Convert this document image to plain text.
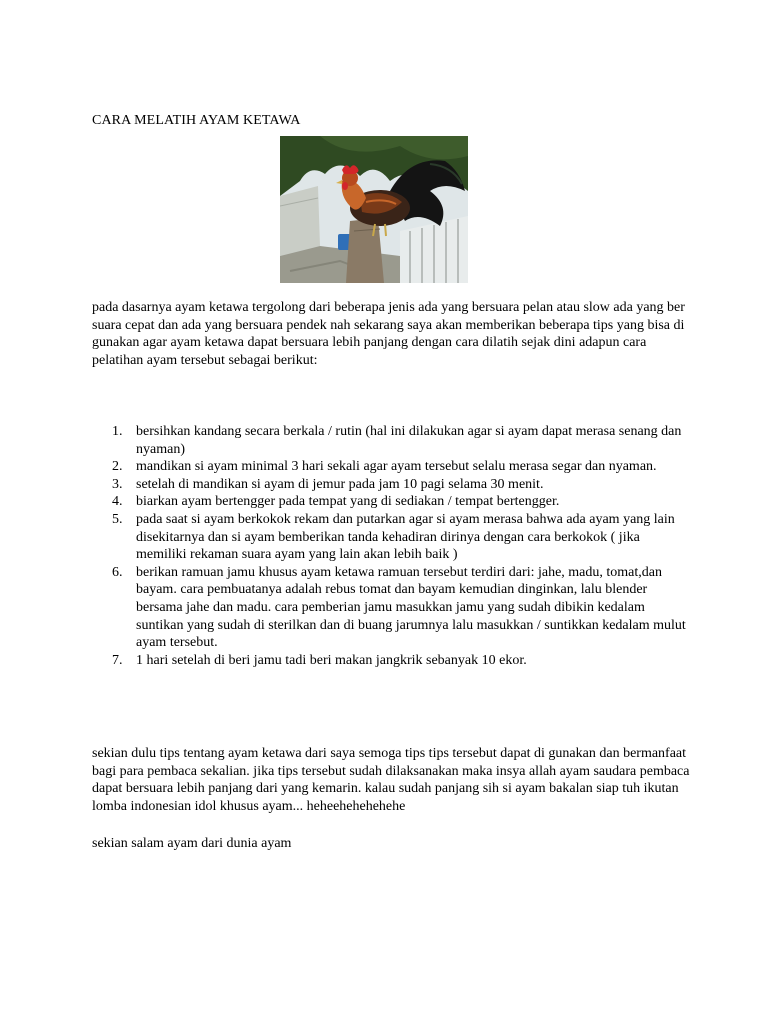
CARA MELATIH AYAM KETAWA

pada dasarnya ayam ketawa tergolong dari beberapa jenis ada yang bersuara pelan atau slow ada yang ber suara cepat dan ada yang bersuara pendek nah sekarang saya akan memberikan beberapa tips yang bisa di gunakan agar ayam ketawa dapat bersuara lebih panjang dengan cara dilatih sejak dini adapun cara pelatihan ayam tersebut sebagai berikut:

1. bersihkan kandang secara berkala / rutin (hal ini dilakukan agar si ayam dapat merasa senang dan nyaman)
2. mandikan si ayam minimal 3 hari sekali agar ayam tersebut selalu merasa segar dan nyaman.
3. setelah di mandikan si ayam di jemur pada jam 10 pagi selama 30 menit.
4. biarkan ayam bertengger pada tempat yang di sediakan / tempat bertengger.
5. pada saat si ayam berkokok rekam dan putarkan agar si ayam merasa bahwa ada ayam yang lain disekitarnya dan si ayam bemberikan tanda kehadiran dirinya dengan cara berkokok ( jika memiliki rekaman suara ayam yang lain akan lebih baik )
6. berikan ramuan jamu khusus ayam ketawa ramuan tersebut terdiri dari: jahe, madu, tomat,dan bayam. cara pembuatanya adalah rebus tomat dan bayam kemudian dinginkan, lalu blender bersama jahe dan madu. cara pemberian jamu masukkan jamu yang sudah dibikin kedalam suntikan yang sudah di sterilkan dan di buang jarumnya lalu masukkan / suntikkan kedalam mulut ayam tersebut.
7. 1 hari setelah di beri jamu tadi beri makan jangkrik sebanyak 10 ekor.

sekian dulu tips tentang ayam ketawa dari saya semoga tips tips tersebut dapat di gunakan dan bermanfaat bagi para pembaca sekalian. jika tips tersebut sudah dilaksanakan maka insya allah ayam saudara pembaca dapat bersuara lebih panjang dari yang kemarin. kalau sudah panjang sih si ayam bakalan siap tuh ikutan lomba indonesian idol khusus ayam... heheehehehehehe

sekian salam ayam dari dunia ayam
